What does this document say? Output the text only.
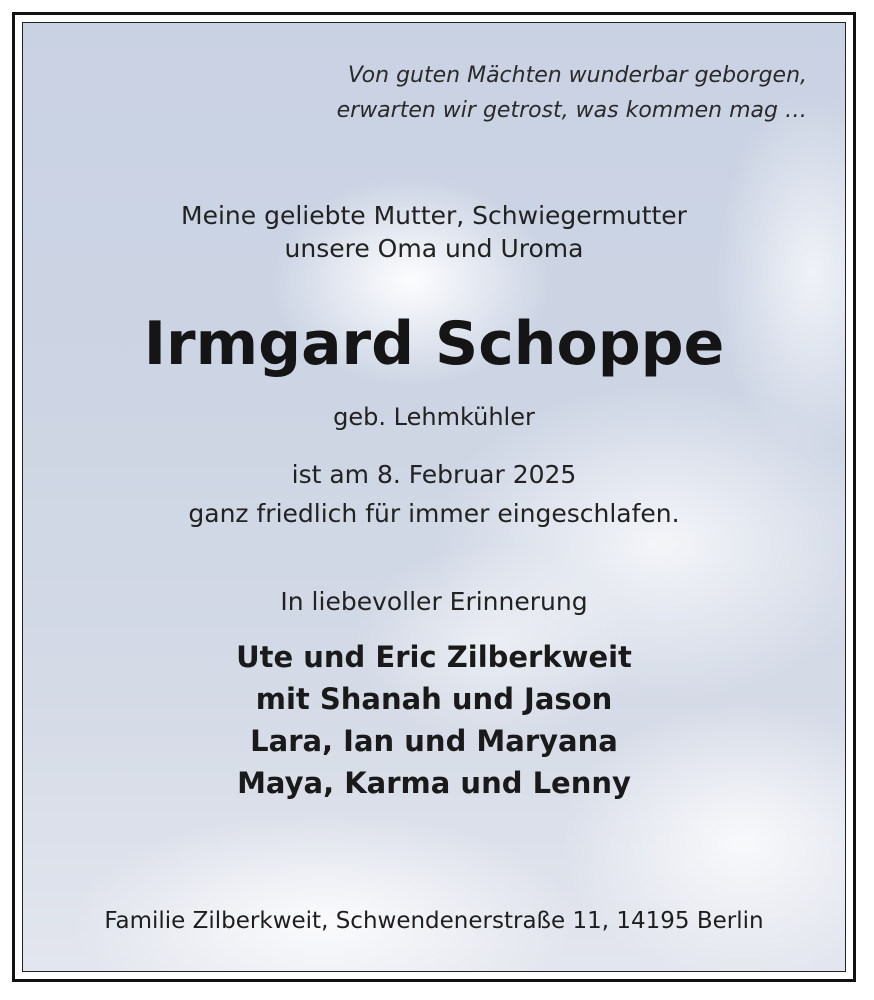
Von guten Mächten wunderbar geborgen,
erwarten wir getrost, was kommen mag …
Meine geliebte Mutter, Schwiegermutter
unsere Oma und Uroma
Irmgard Schoppe
geb. Lehmkühler
ist am 8. Februar 2025
ganz friedlich für immer eingeschlafen.
In liebevoller Erinnerung
Ute und Eric Zilberkweit
mit Shanah und Jason
Lara, Ian und Maryana
Maya, Karma und Lenny
Familie Zilberkweit, Schwendenerstraße 11, 14195 Berlin
